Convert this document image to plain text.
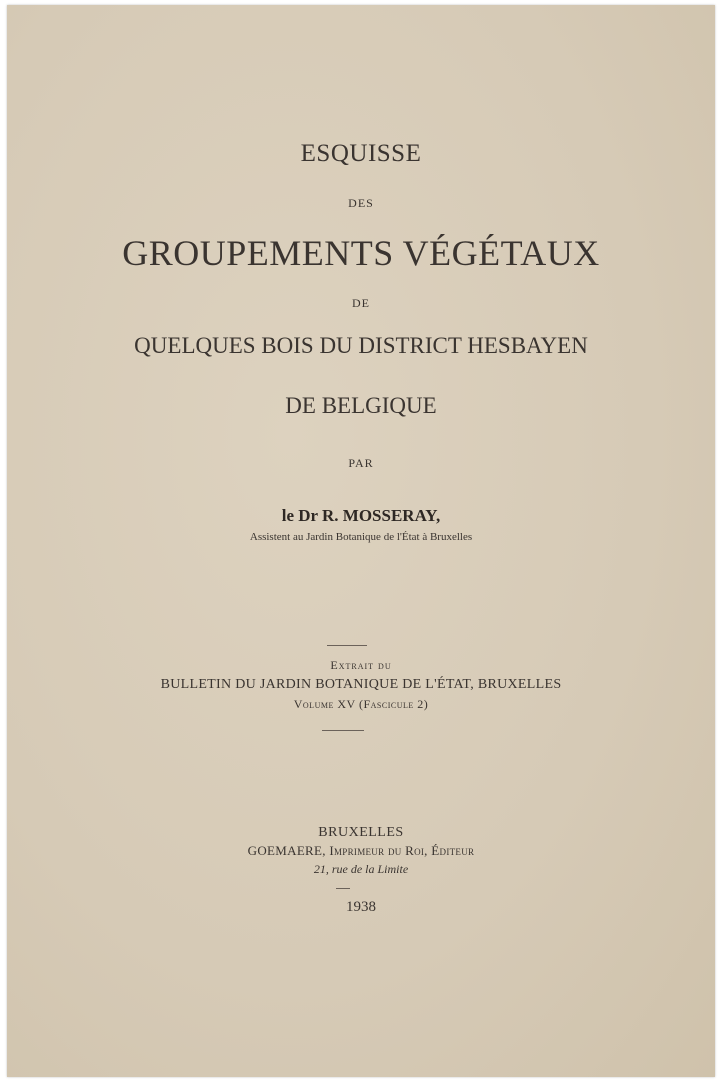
ESQUISSE
DES
GROUPEMENTS VÉGÉTAUX
DE
QUELQUES BOIS DU DISTRICT HESBAYEN
DE BELGIQUE
PAR
le Dr R. MOSSERAY,
Assistent au Jardin Botanique de l'État à Bruxelles
Extrait du
BULLETIN DU JARDIN BOTANIQUE DE L'ÉTAT, BRUXELLES
Volume XV (Fascicule 2)
BRUXELLES
GOEMAERE, Imprimeur du Roi, Éditeur
21, rue de la Limite
1938
